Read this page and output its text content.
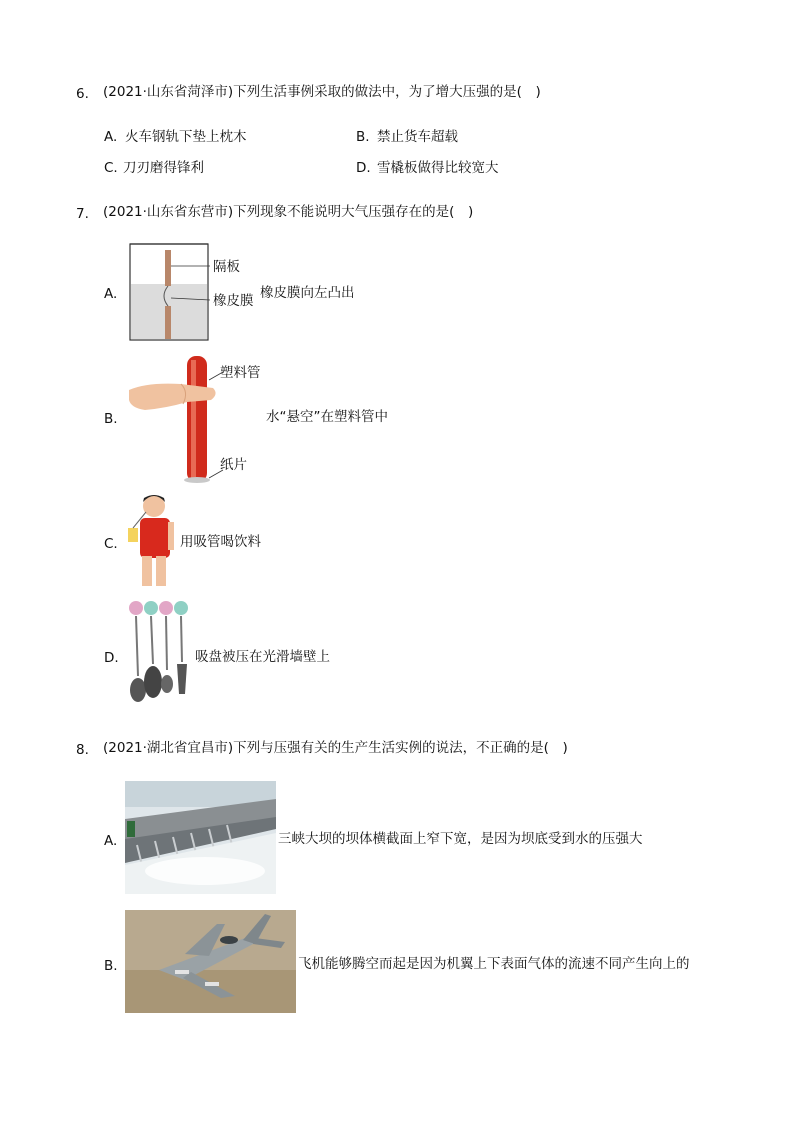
6. (2021·山东省菏泽市)下列生活事例采取的做法中，为了增大压强的是(　)
A. 火车钢轨下垫上枕木	B. 禁止货车超载
C. 刀刃磨得锋利	D. 雪橇板做得比较宽大
7. (2021·山东省东营市)下列现象不能说明大气压强存在的是(　)
A.
隔板
橡皮膜 橡皮膜向左凸出
B.
塑料管
纸片
水“悬空”在塑料管中
C.	用吸管喝饮料
D.	吸盘被压在光滑墙壁上
8. (2021·湖北省宜昌市)下列与压强有关的生产生活实例的说法，不正确的是(　)
A.	三峡大坝的坝体横截面上窄下宽，是因为坝底受到水的压强大
B.	飞机能够腾空而起是因为机翼上下表面气体的流速不同产生向上的
